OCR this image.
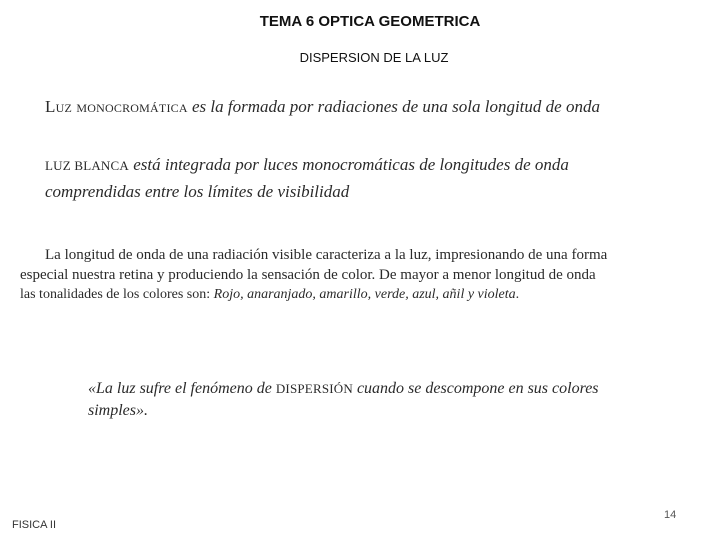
TEMA 6 OPTICA GEOMETRICA
DISPERSION DE LA LUZ
Luz monocromática es la formada por radiaciones de una sola longitud de onda
LUZ BLANCA está integrada por luces monocromáticas de longitudes de onda
comprendidas entre los límites de visibilidad
La longitud de onda de una radiación visible caracteriza a la luz, impresionando de una forma
especial nuestra retina y produciendo la sensación de color. De mayor a menor longitud de onda
las tonalidades de los colores son: Rojo, anaranjado, amarillo, verde, azul, añil y violeta.
«La luz sufre el fenómeno de DISPERSIÓN cuando se descompone en sus colores simples».
FISICA II
14
